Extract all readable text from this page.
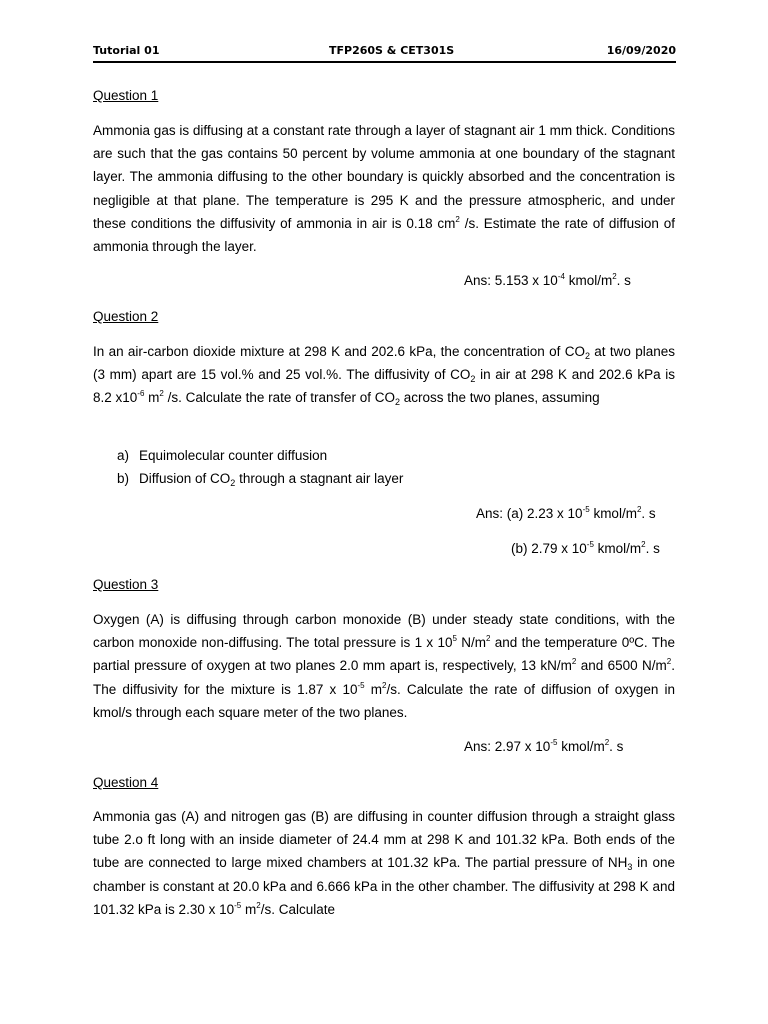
Tutorial 01	TFP260S & CET301S	16/09/2020
Question 1

Ammonia gas is diffusing at a constant rate through a layer of stagnant air 1 mm thick. Conditions are such that the gas contains 50 percent by volume ammonia at one boundary of the stagnant layer. The ammonia diffusing to the other boundary is quickly absorbed and the concentration is negligible at that plane. The temperature is 295 K and the pressure atmospheric, and under these conditions the diffusivity of ammonia in air is 0.18 $cm^2$ /s. Estimate the rate of diffusion of ammonia through the layer.

Ans: 5.153 x $10^{-4}$ kmol/$m^2$. s
Question 2

In an air-carbon dioxide mixture at 298 K and 202.6 kPa, the concentration of $CO_2$ at two planes (3 mm) apart are 15 vol.% and 25 vol.%. The diffusivity of $CO_2$ in air at 298 K and 202.6 kPa is 8.2 $x10^{-6}$ $m^2$ /s. Calculate the rate of transfer of $CO_2$ across the two planes, assuming

a) Equimolecular counter diffusion
b) Diffusion of $CO_2$ through a stagnant air layer
Ans: (a) 2.23 x $10^{-5}$ kmol/$m^2$. s
(b) 2.79 x $10^{-5}$ kmol/$m^2$. s
Question 3

Oxygen (A) is diffusing through carbon monoxide (B) under steady state conditions, with the carbon monoxide non-diffusing. The total pressure is 1 x $10^5$ $N/m^2$ and the temperature 0ºC. The partial pressure of oxygen at two planes 2.0 mm apart is, respectively, 13 $kN/m^2$ and 6500 $N/m^2$. The diffusivity for the mixture is 1.87 x $10^{-5}$ $m^2/s$. Calculate the rate of diffusion of oxygen in kmol/s through each square meter of the two planes.

Ans: 2.97 x $10^{-5}$ kmol/$m^2$. s
Question 4

Ammonia gas (A) and nitrogen gas (B) are diffusing in counter diffusion through a straight glass tube 2.o ft long with an inside diameter of 24.4 mm at 298 K and 101.32 kPa. Both ends of the tube are connected to large mixed chambers at 101.32 kPa. The partial pressure of $NH_3$ in one chamber is constant at 20.0 kPa and 6.666 kPa in the other chamber. The diffusivity at 298 K and 101.32 kPa is 2.30 x $10^{-5}$ $m^2/s$. Calculate
